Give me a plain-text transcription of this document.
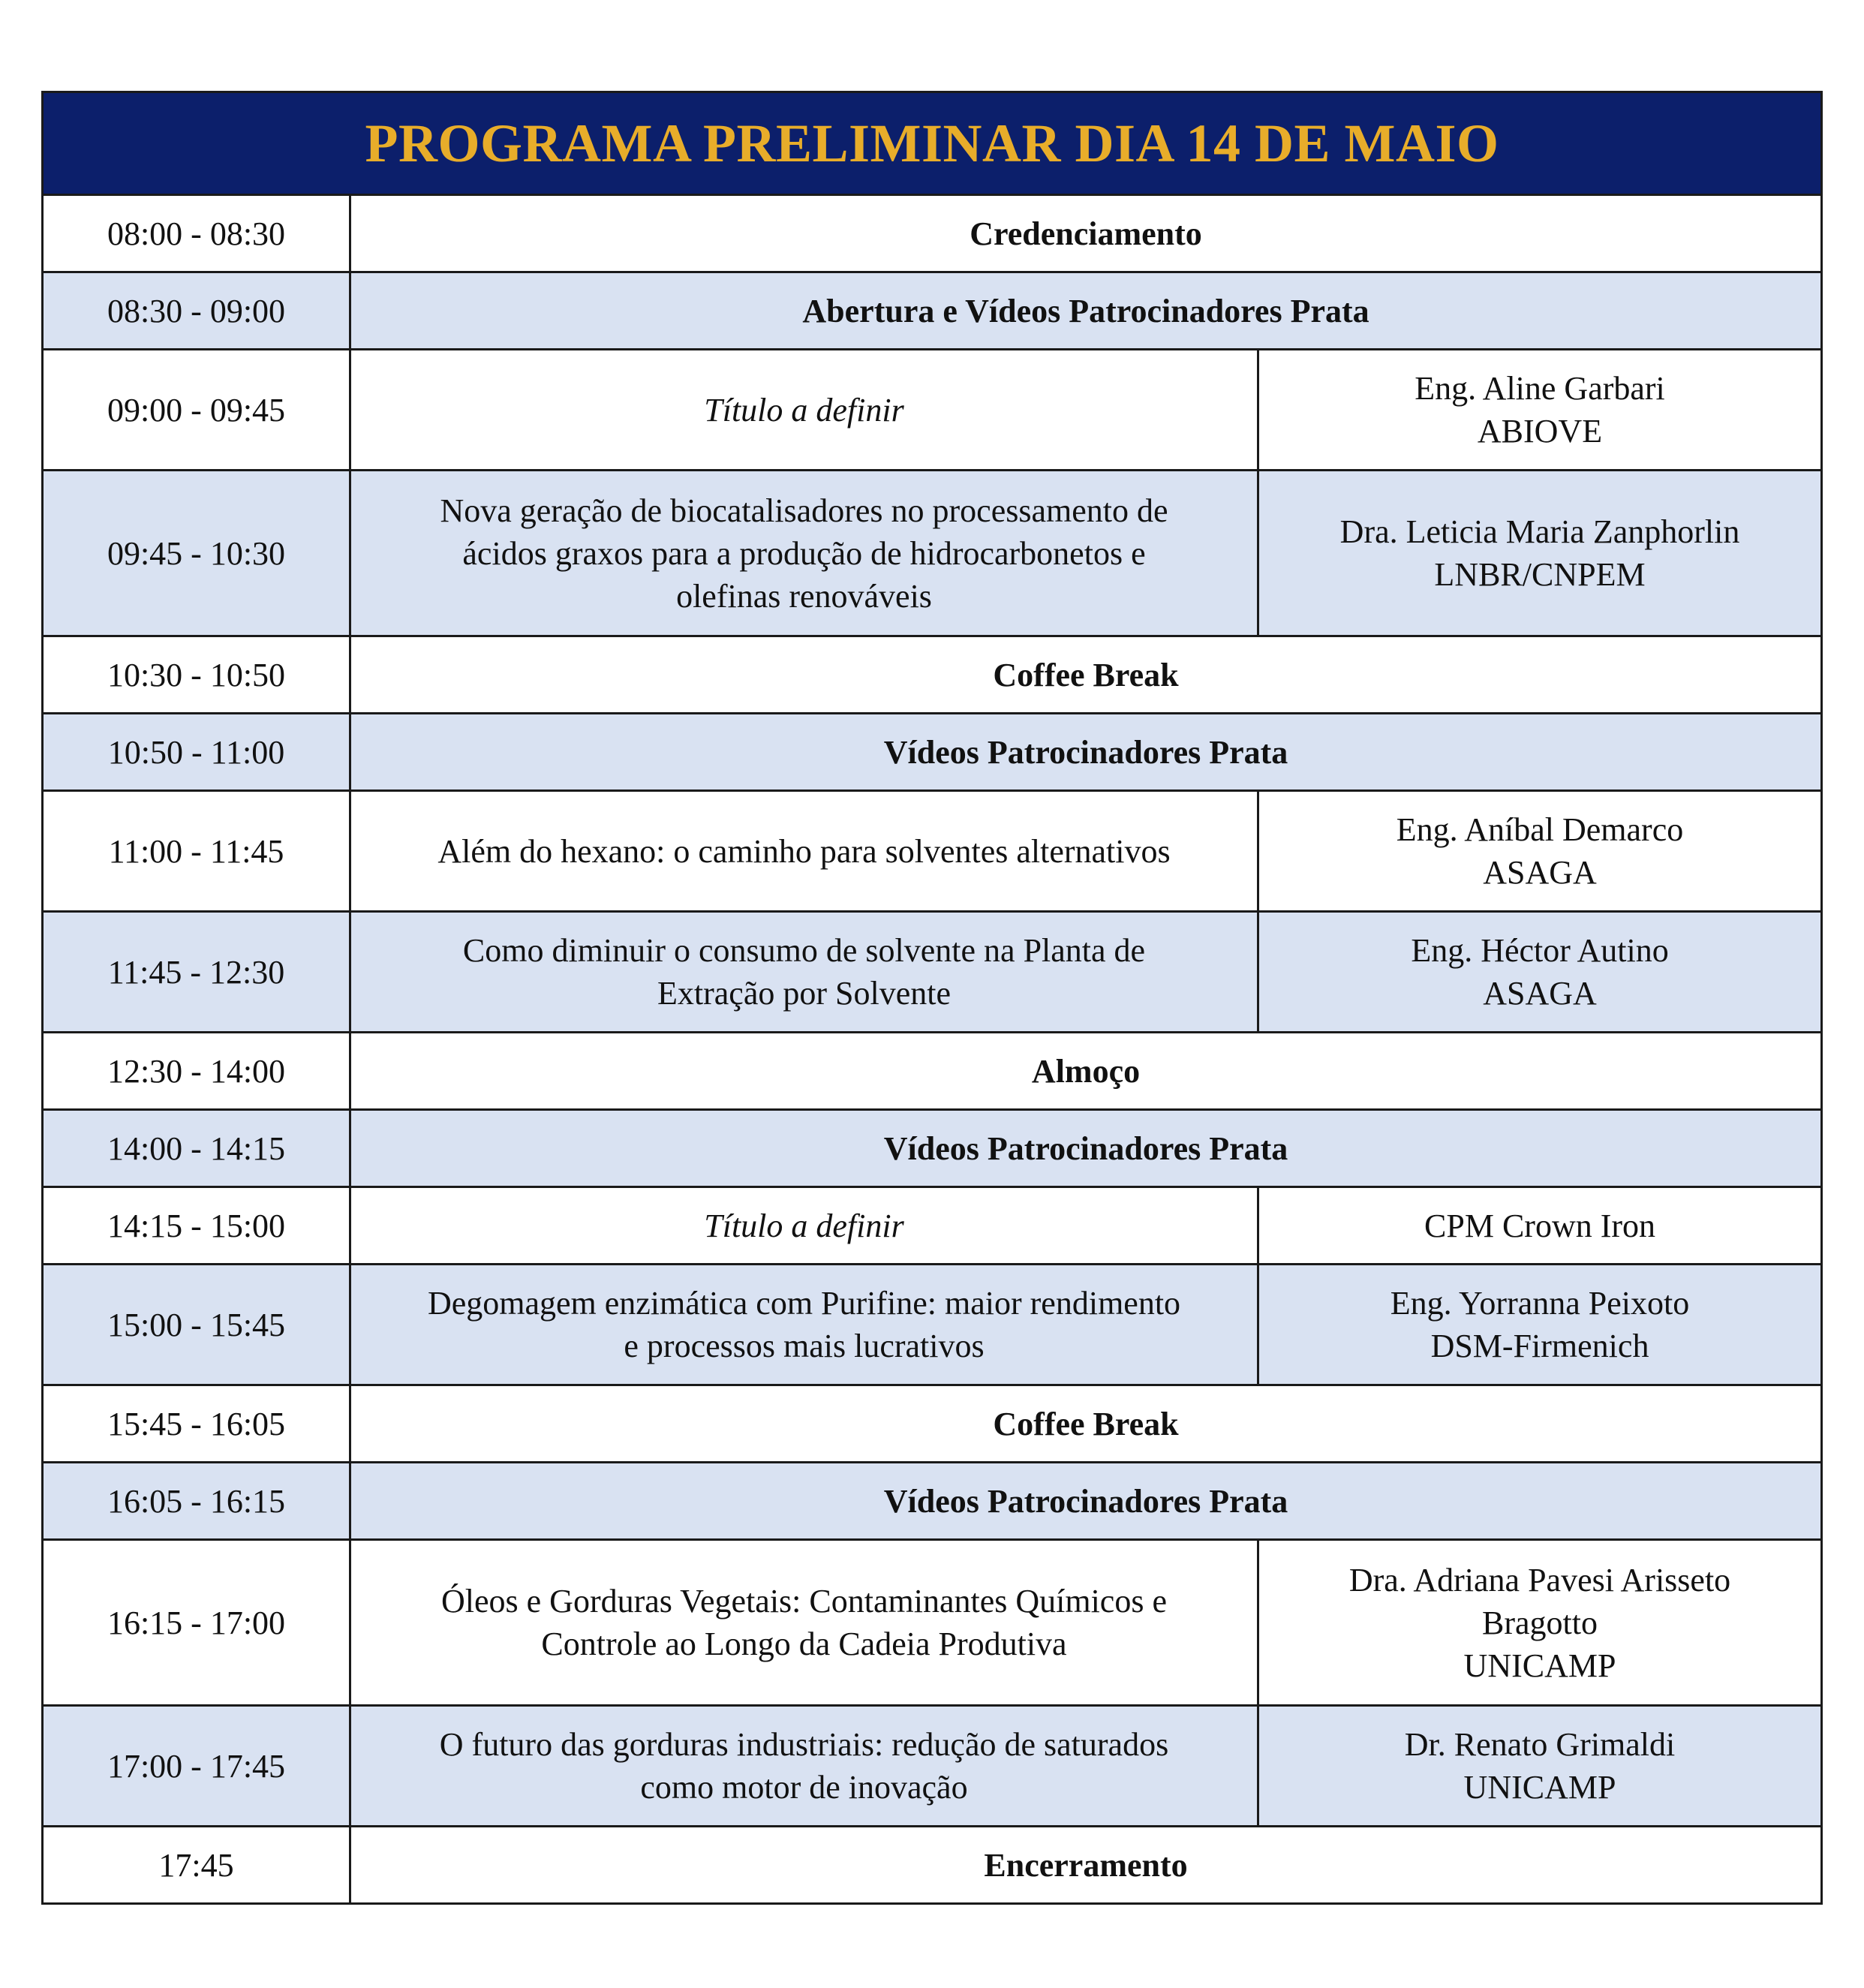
PROGRAMA PRELIMINAR DIA 14 DE MAIO		
08:00 - 08:30	Credenciamento	
08:30 - 09:00	Abertura e Vídeos Patrocinadores Prata	
09:00 - 09:45	Título a definir	Eng. Aline Garbari
ABIOVE

09:45 - 10:30	Nova geração de biocatalisadores no processamento de
ácidos graxos para a produção de hidrocarbonetos e
olefinas renováveis	Dra. Leticia Maria Zanphorlin
LNBR/CNPEM

10:30 - 10:50	Coffee Break	
10:50 - 11:00	Vídeos Patrocinadores Prata	
11:00 - 11:45	Além do hexano: o caminho para solventes alternativos	Eng. Aníbal Demarco
ASAGA

11:45 - 12:30	Como diminuir o consumo de solvente na Planta de
Extração por Solvente	Eng. Héctor Autino
ASAGA

12:30 - 14:00	Almoço	
14:00 - 14:15	Vídeos Patrocinadores Prata	
14:15 - 15:00	Título a definir	CPM Crown Iron

15:00 - 15:45	Degomagem enzimática com Purifine: maior rendimento
e processos mais lucrativos	Eng. Yorranna Peixoto
DSM-Firmenich

15:45 - 16:05	Coffee Break	
16:05 - 16:15	Vídeos Patrocinadores Prata	
16:15 - 17:00	Óleos e Gorduras Vegetais: Contaminantes Químicos e
Controle ao Longo da Cadeia Produtiva	Dra. Adriana Pavesi Arisseto
Bragotto
UNICAMP

17:00 - 17:45	O futuro das gorduras industriais: redução de saturados
como motor de inovação	Dr. Renato Grimaldi
UNICAMP

17:45	Encerramento	
